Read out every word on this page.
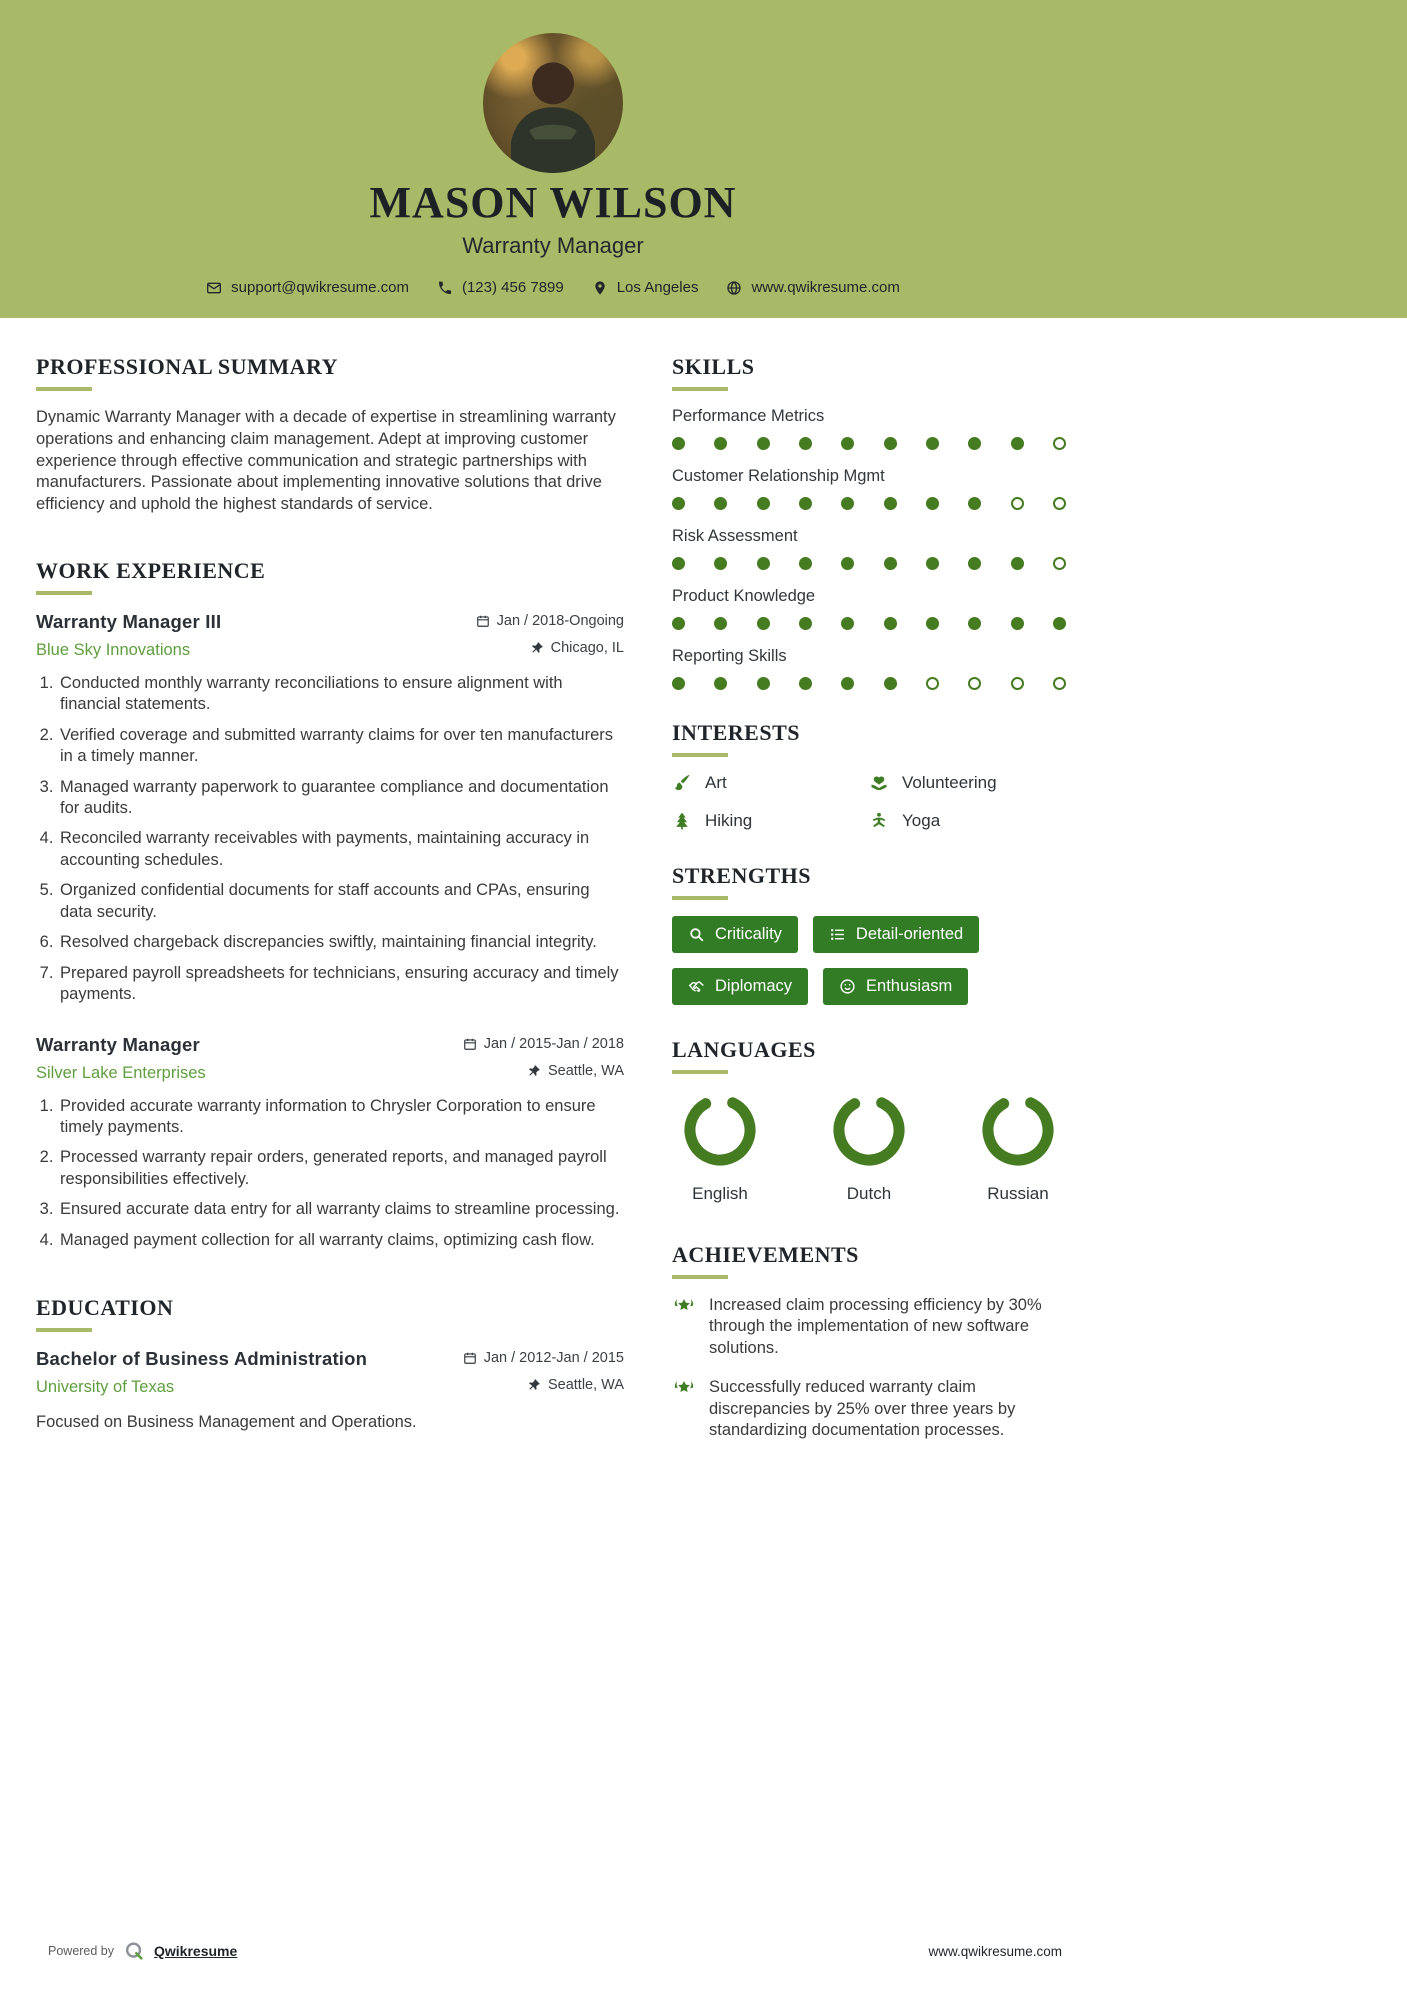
MASON WILSON
Warranty Manager
support@qwikresume.com	(123) 456 7899	Los Angeles	www.qwikresume.com
PROFESSIONAL SUMMARY

Dynamic Warranty Manager with a decade of expertise in streamlining warranty operations and enhancing claim management. Adept at improving customer experience through effective communication and strategic partnerships with manufacturers. Passionate about implementing innovative solutions that drive efficiency and uphold the highest standards of service.

WORK EXPERIENCE
Warranty Manager III	Jan / 2018-Ongoing
Blue Sky Innovations	Chicago, IL
1. Conducted monthly warranty reconciliations to ensure alignment with financial statements.
2. Verified coverage and submitted warranty claims for over ten manufacturers in a timely manner.
3. Managed warranty paperwork to guarantee compliance and documentation for audits.
4. Reconciled warranty receivables with payments, maintaining accuracy in accounting schedules.
5. Organized confidential documents for staff accounts and CPAs, ensuring data security.
6. Resolved chargeback discrepancies swiftly, maintaining financial integrity.
7. Prepared payroll spreadsheets for technicians, ensuring accuracy and timely payments.
Warranty Manager	Jan / 2015-Jan / 2018
Silver Lake Enterprises	Seattle, WA
1. Provided accurate warranty information to Chrysler Corporation to ensure timely payments.
2. Processed warranty repair orders, generated reports, and managed payroll responsibilities effectively.
3. Ensured accurate data entry for all warranty claims to streamline processing.
4. Managed payment collection for all warranty claims, optimizing cash flow.
EDUCATION
Bachelor of Business Administration	Jan / 2012-Jan / 2015
University of Texas	Seattle, WA

Focused on Business Management and Operations.

SKILLS
Performance Metrics
Customer Relationship Mgmt
Risk Assessment
Product Knowledge
Reporting Skills
INTERESTS
Art	Volunteering
Hiking	Yoga
STRENGTHS
Criticality	Detail-oriented
Diplomacy	Enthusiasm
LANGUAGES
English	Dutch	Russian
ACHIEVEMENTS
Increased claim processing efficiency by 30% through the implementation of new software solutions.
Successfully reduced warranty claim discrepancies by 25% over three years by standardizing documentation processes.
Powered by	Qwikresume	www.qwikresume.com
